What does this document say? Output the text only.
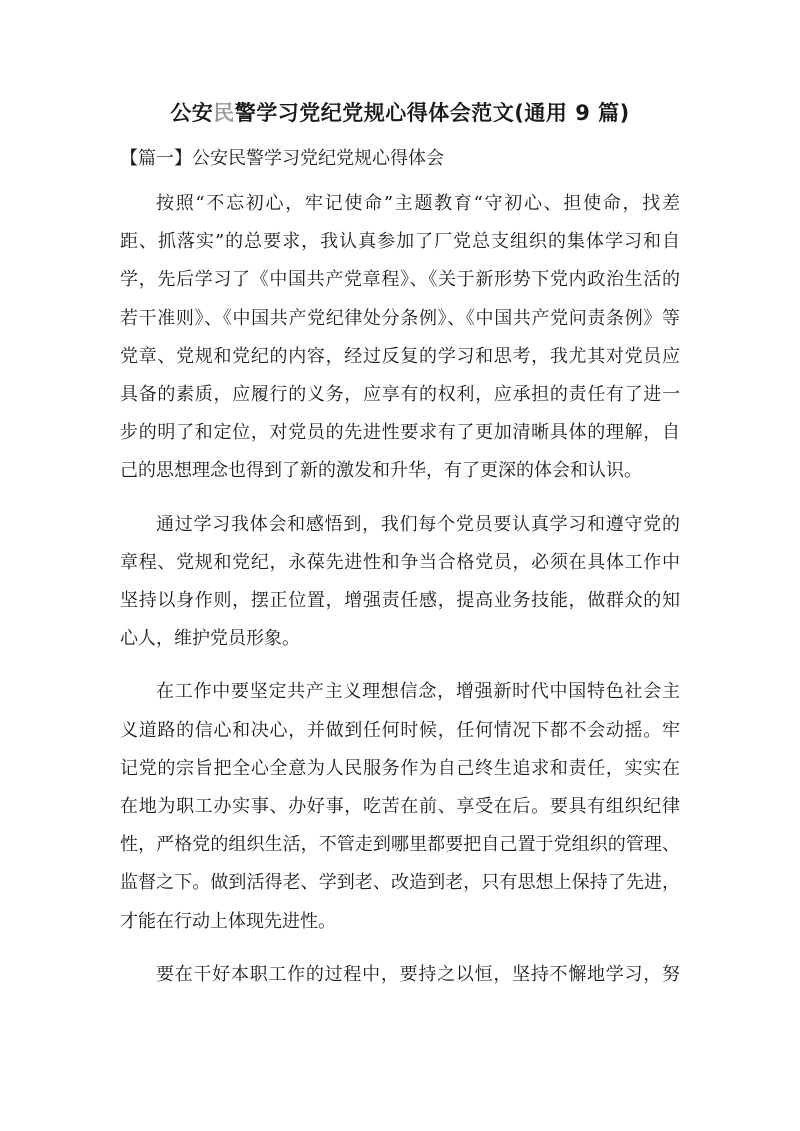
公安民警学习党纪党规心得体会范文(通用 9 篇)
【篇一】公安民警学习党纪党规心得体会

按照“不忘初心，牢记使命”主题教育“守初心、担使命，找差
距、抓落实”的总要求，我认真参加了厂党总支组织的集体学习和自
学，先后学习了《中国共产党章程》、《关于新形势下党内政治生活的
若干准则》、《中国共产党纪律处分条例》、《中国共产党问责条例》等
党章、党规和党纪的内容，经过反复的学习和思考，我尤其对党员应
具备的素质，应履行的义务，应享有的权利，应承担的责任有了进一
步的明了和定位，对党员的先进性要求有了更加清晰具体的理解，自
己的思想理念也得到了新的激发和升华，有了更深的体会和认识。

通过学习我体会和感悟到，我们每个党员要认真学习和遵守党的
章程、党规和党纪，永葆先进性和争当合格党员，必须在具体工作中
坚持以身作则，摆正位置，增强责任感，提高业务技能，做群众的知
心人，维护党员形象。

在工作中要坚定共产主义理想信念，增强新时代中国特色社会主
义道路的信心和决心，并做到任何时候，任何情况下都不会动摇。牢
记党的宗旨把全心全意为人民服务作为自己终生追求和责任，实实在
在地为职工办实事、办好事，吃苦在前、享受在后。要具有组织纪律
性，严格党的组织生活，不管走到哪里都要把自己置于党组织的管理、
监督之下。做到活得老、学到老、改造到老，只有思想上保持了先进，
才能在行动上体现先进性。

要在干好本职工作的过程中，要持之以恒，坚持不懈地学习，努
